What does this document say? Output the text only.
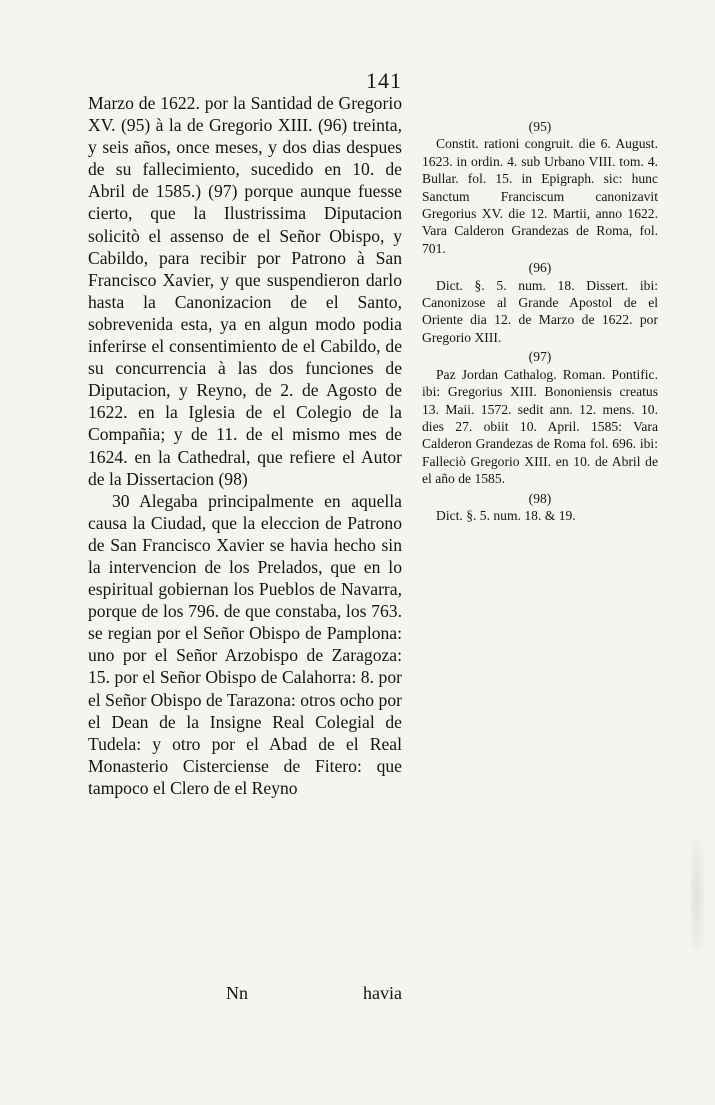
141

Marzo de 1622. por la Santidad de Gregorio XV. (95) à la de Gregorio XIII. (96) treinta, y seis años, once meses, y dos dias despues de su fallecimiento, sucedido en 10. de Abril de 1585.) (97) porque aunque fuesse cierto, que la Ilustrissima Diputacion solicitò el assenso de el Señor Obispo, y Cabildo, para recibir por Patrono à San Francisco Xavier, y que suspendieron darlo hasta la Canonizacion de el Santo, sobrevenida esta, ya en algun modo podia inferirse el consentimiento de el Cabildo, de su concurrencia à las dos funciones de Diputacion, y Reyno, de 2. de Agosto de 1622. en la Iglesia de el Colegio de la Compañia; y de 11. de el mismo mes de 1624. en la Cathedral, que refiere el Autor de la Dissertacion (98)

30 Alegaba principalmente en aquella causa la Ciudad, que la eleccion de Patrono de San Francisco Xavier se havia hecho sin la intervencion de los Prelados, que en lo espiritual gobiernan los Pueblos de Navarra, porque de los 796. de que constaba, los 763. se regian por el Señor Obispo de Pamplona: uno por el Señor Arzobispo de Zaragoza: 15. por el Señor Obispo de Calahorra: 8. por el Señor Obispo de Tarazona: otros ocho por el Dean de la Insigne Real Colegial de Tudela: y otro por el Abad de el Real Monasterio Cisterciense de Fitero: que tampoco el Clero de el Reyno

(95)
Constit. rationi congruit. die 6. August. 1623. in ordin. 4. sub Urbano VIII. tom. 4. Bullar. fol. 15. in Epigraph. sic: hunc Sanctum Franciscum canonizavit Gregorius XV. die 12. Martii, anno 1622. Vara Calderon Grandezas de Roma, fol. 701.
(96)
Dict. §. 5. num. 18. Dissert. ibi: Canonizose al Grande Apostol de el Oriente dia 12. de Marzo de 1622. por Gregorio XIII.
(97)
Paz Jordan Cathalog. Roman. Pontific. ibi: Gregorius XIII. Bononiensis creatus 13. Maii. 1572. sedit ann. 12. mens. 10. dies 27. obiit 10. April. 1585: Vara Calderon Grandezas de Roma fol. 696. ibi: Falleciò Gregorio XIII. en 10. de Abril de el año de 1585.
(98)
Dict. §. 5. num. 18. & 19.
Nn	havia
